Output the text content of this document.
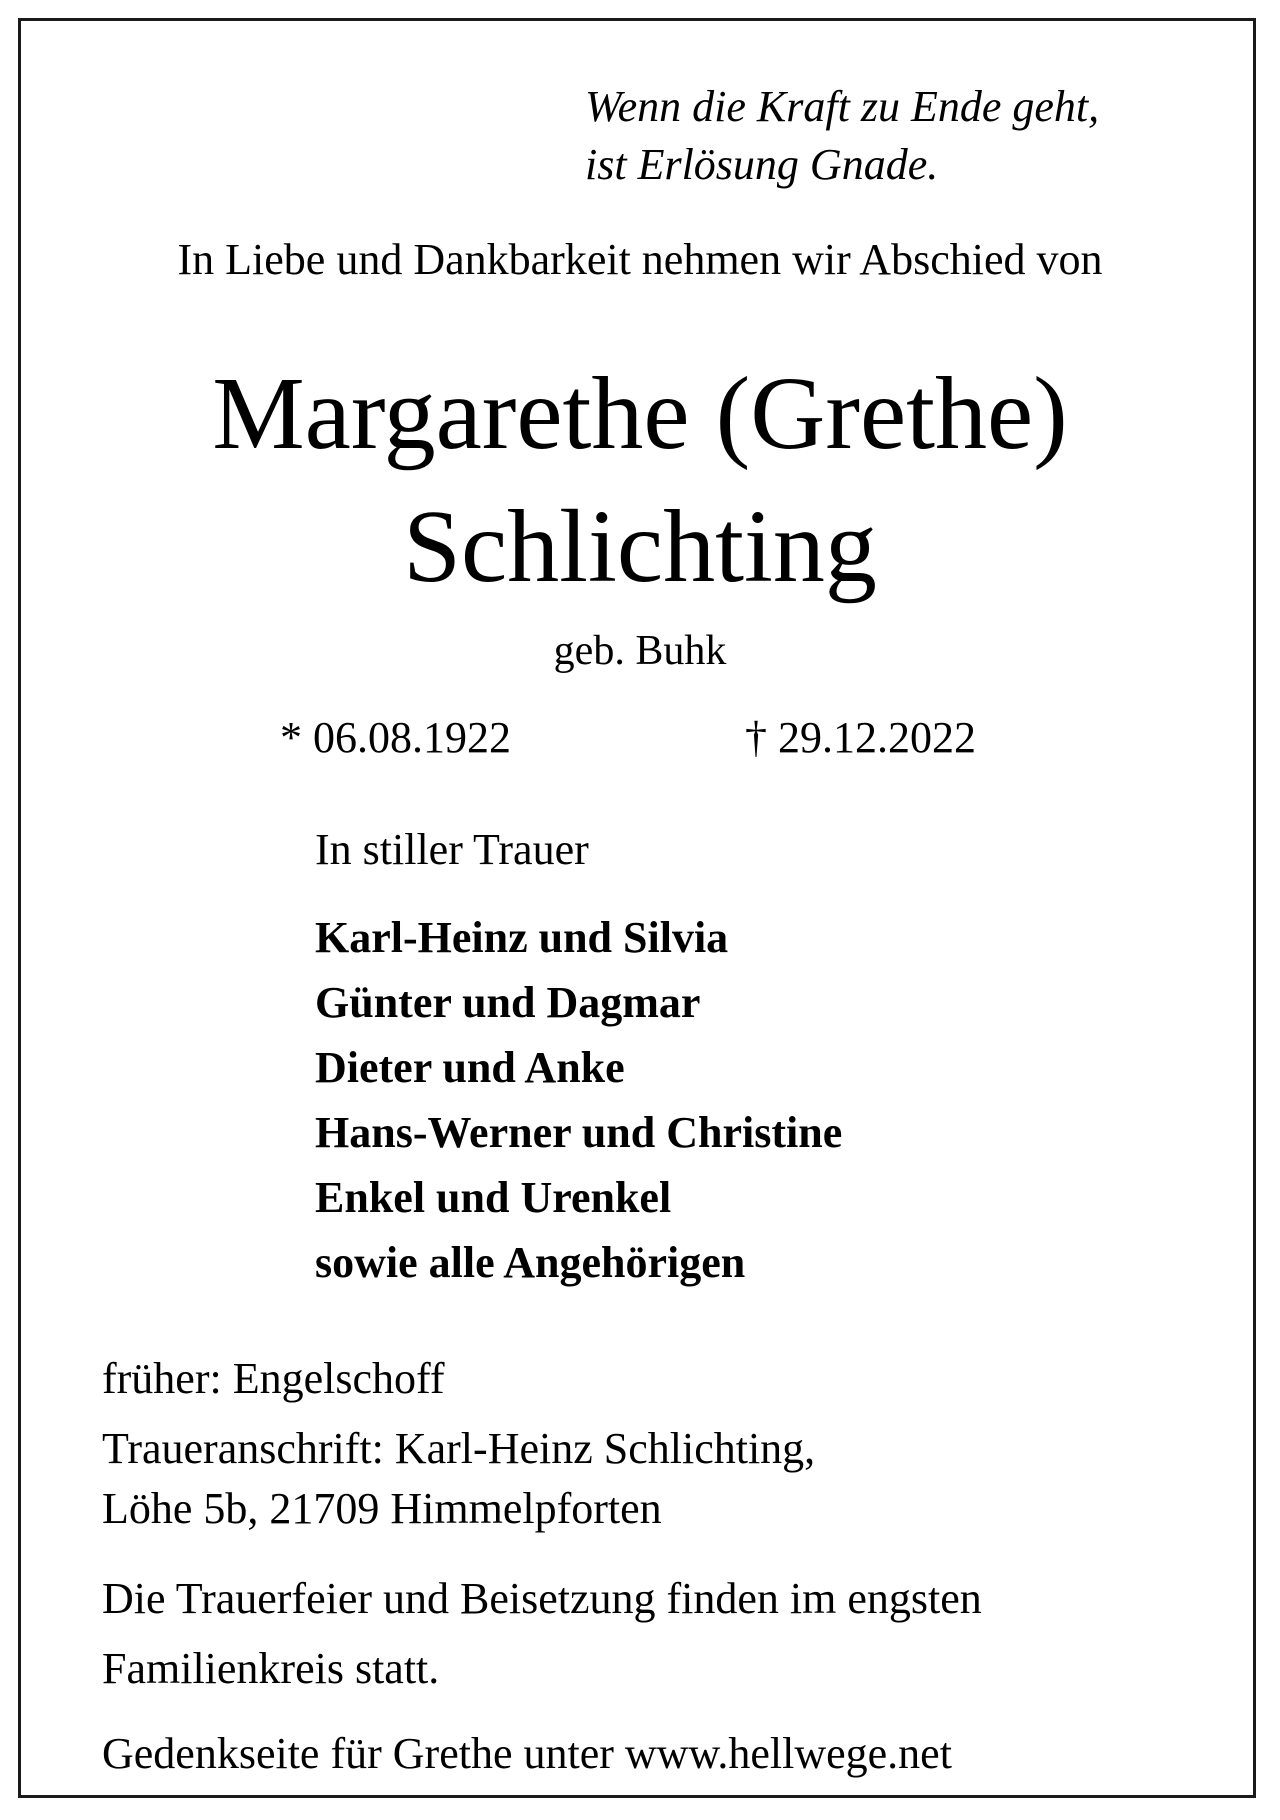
Wenn die Kraft zu Ende geht,
ist Erlösung Gnade.
In Liebe und Dankbarkeit nehmen wir Abschied von
Margarethe (Grethe)
Schlichting
geb. Buhk
* 06.08.1922	† 29.12.2022
In stiller Trauer
Karl-Heinz und Silvia
Günter und Dagmar
Dieter und Anke
Hans-Werner und Christine
Enkel und Urenkel
sowie alle Angehörigen
früher: Engelschoff
Traueranschrift: Karl-Heinz Schlichting,
Löhe 5b, 21709 Himmelpforten
Die Trauerfeier und Beisetzung finden im engsten
Familienkreis statt.
Gedenkseite für Grethe unter www.hellwege.net
